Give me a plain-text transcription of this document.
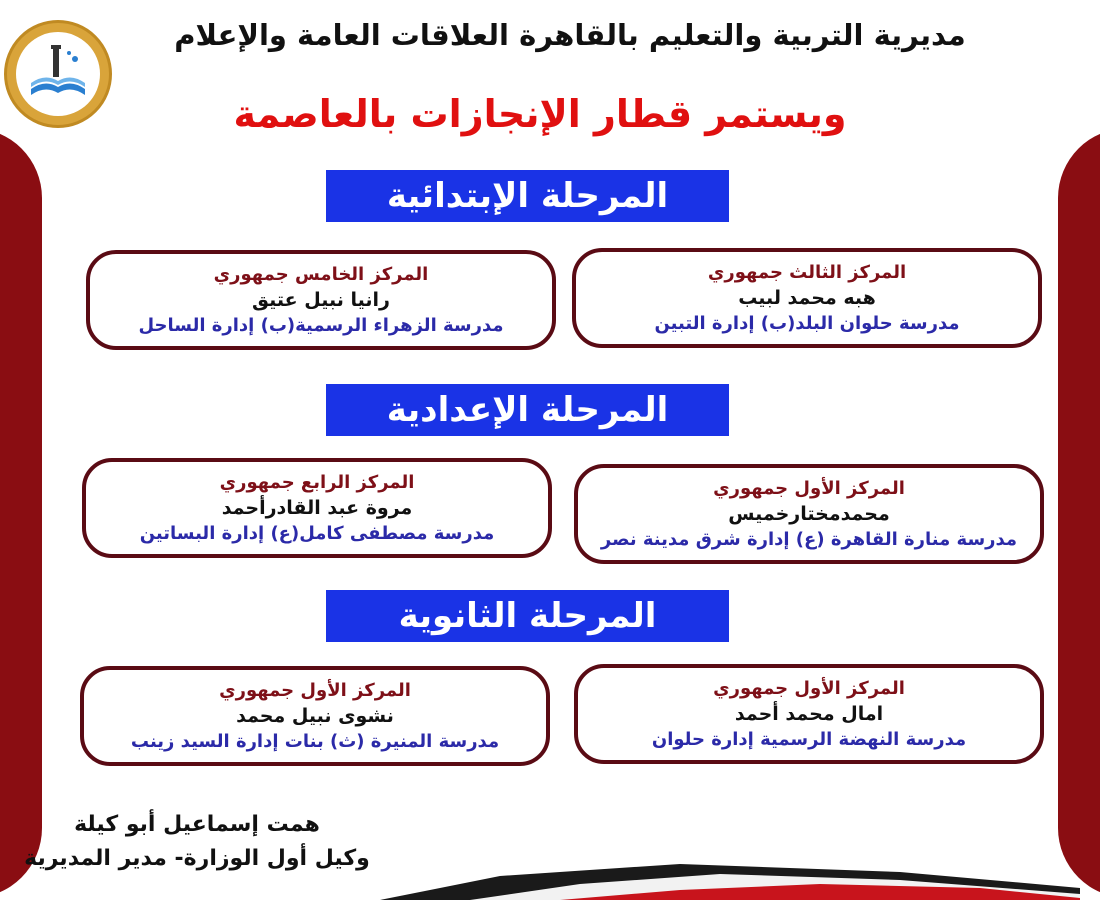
مديرية التربية والتعليم بالقاهرة العلاقات العامة والإعلام
ويستمر قطار الإنجازات بالعاصمة
المرحلة الإبتدائية
المركز الثالث جمهوري
هبه محمد لبيب
مدرسة حلوان البلد(ب) إدارة التبين
المركز الخامس جمهوري
رانيا نبيل عتيق
مدرسة الزهراء الرسمية(ب) إدارة الساحل
المرحلة الإعدادية
المركز الأول جمهوري
محمدمختارخميس
مدرسة منارة القاهرة (ع) إدارة شرق مدينة نصر
المركز الرابع جمهوري
مروة عبد القادرأحمد
مدرسة مصطفى كامل(ع) إدارة البساتين
المرحلة الثانوية
المركز الأول جمهوري
امال محمد أحمد
مدرسة النهضة الرسمية إدارة حلوان
المركز الأول جمهوري
نشوى نبيل محمد
مدرسة المنيرة (ث) بنات إدارة السيد زينب
همت إسماعيل أبو كيلة
وكيل أول الوزارة- مدير المديرية
